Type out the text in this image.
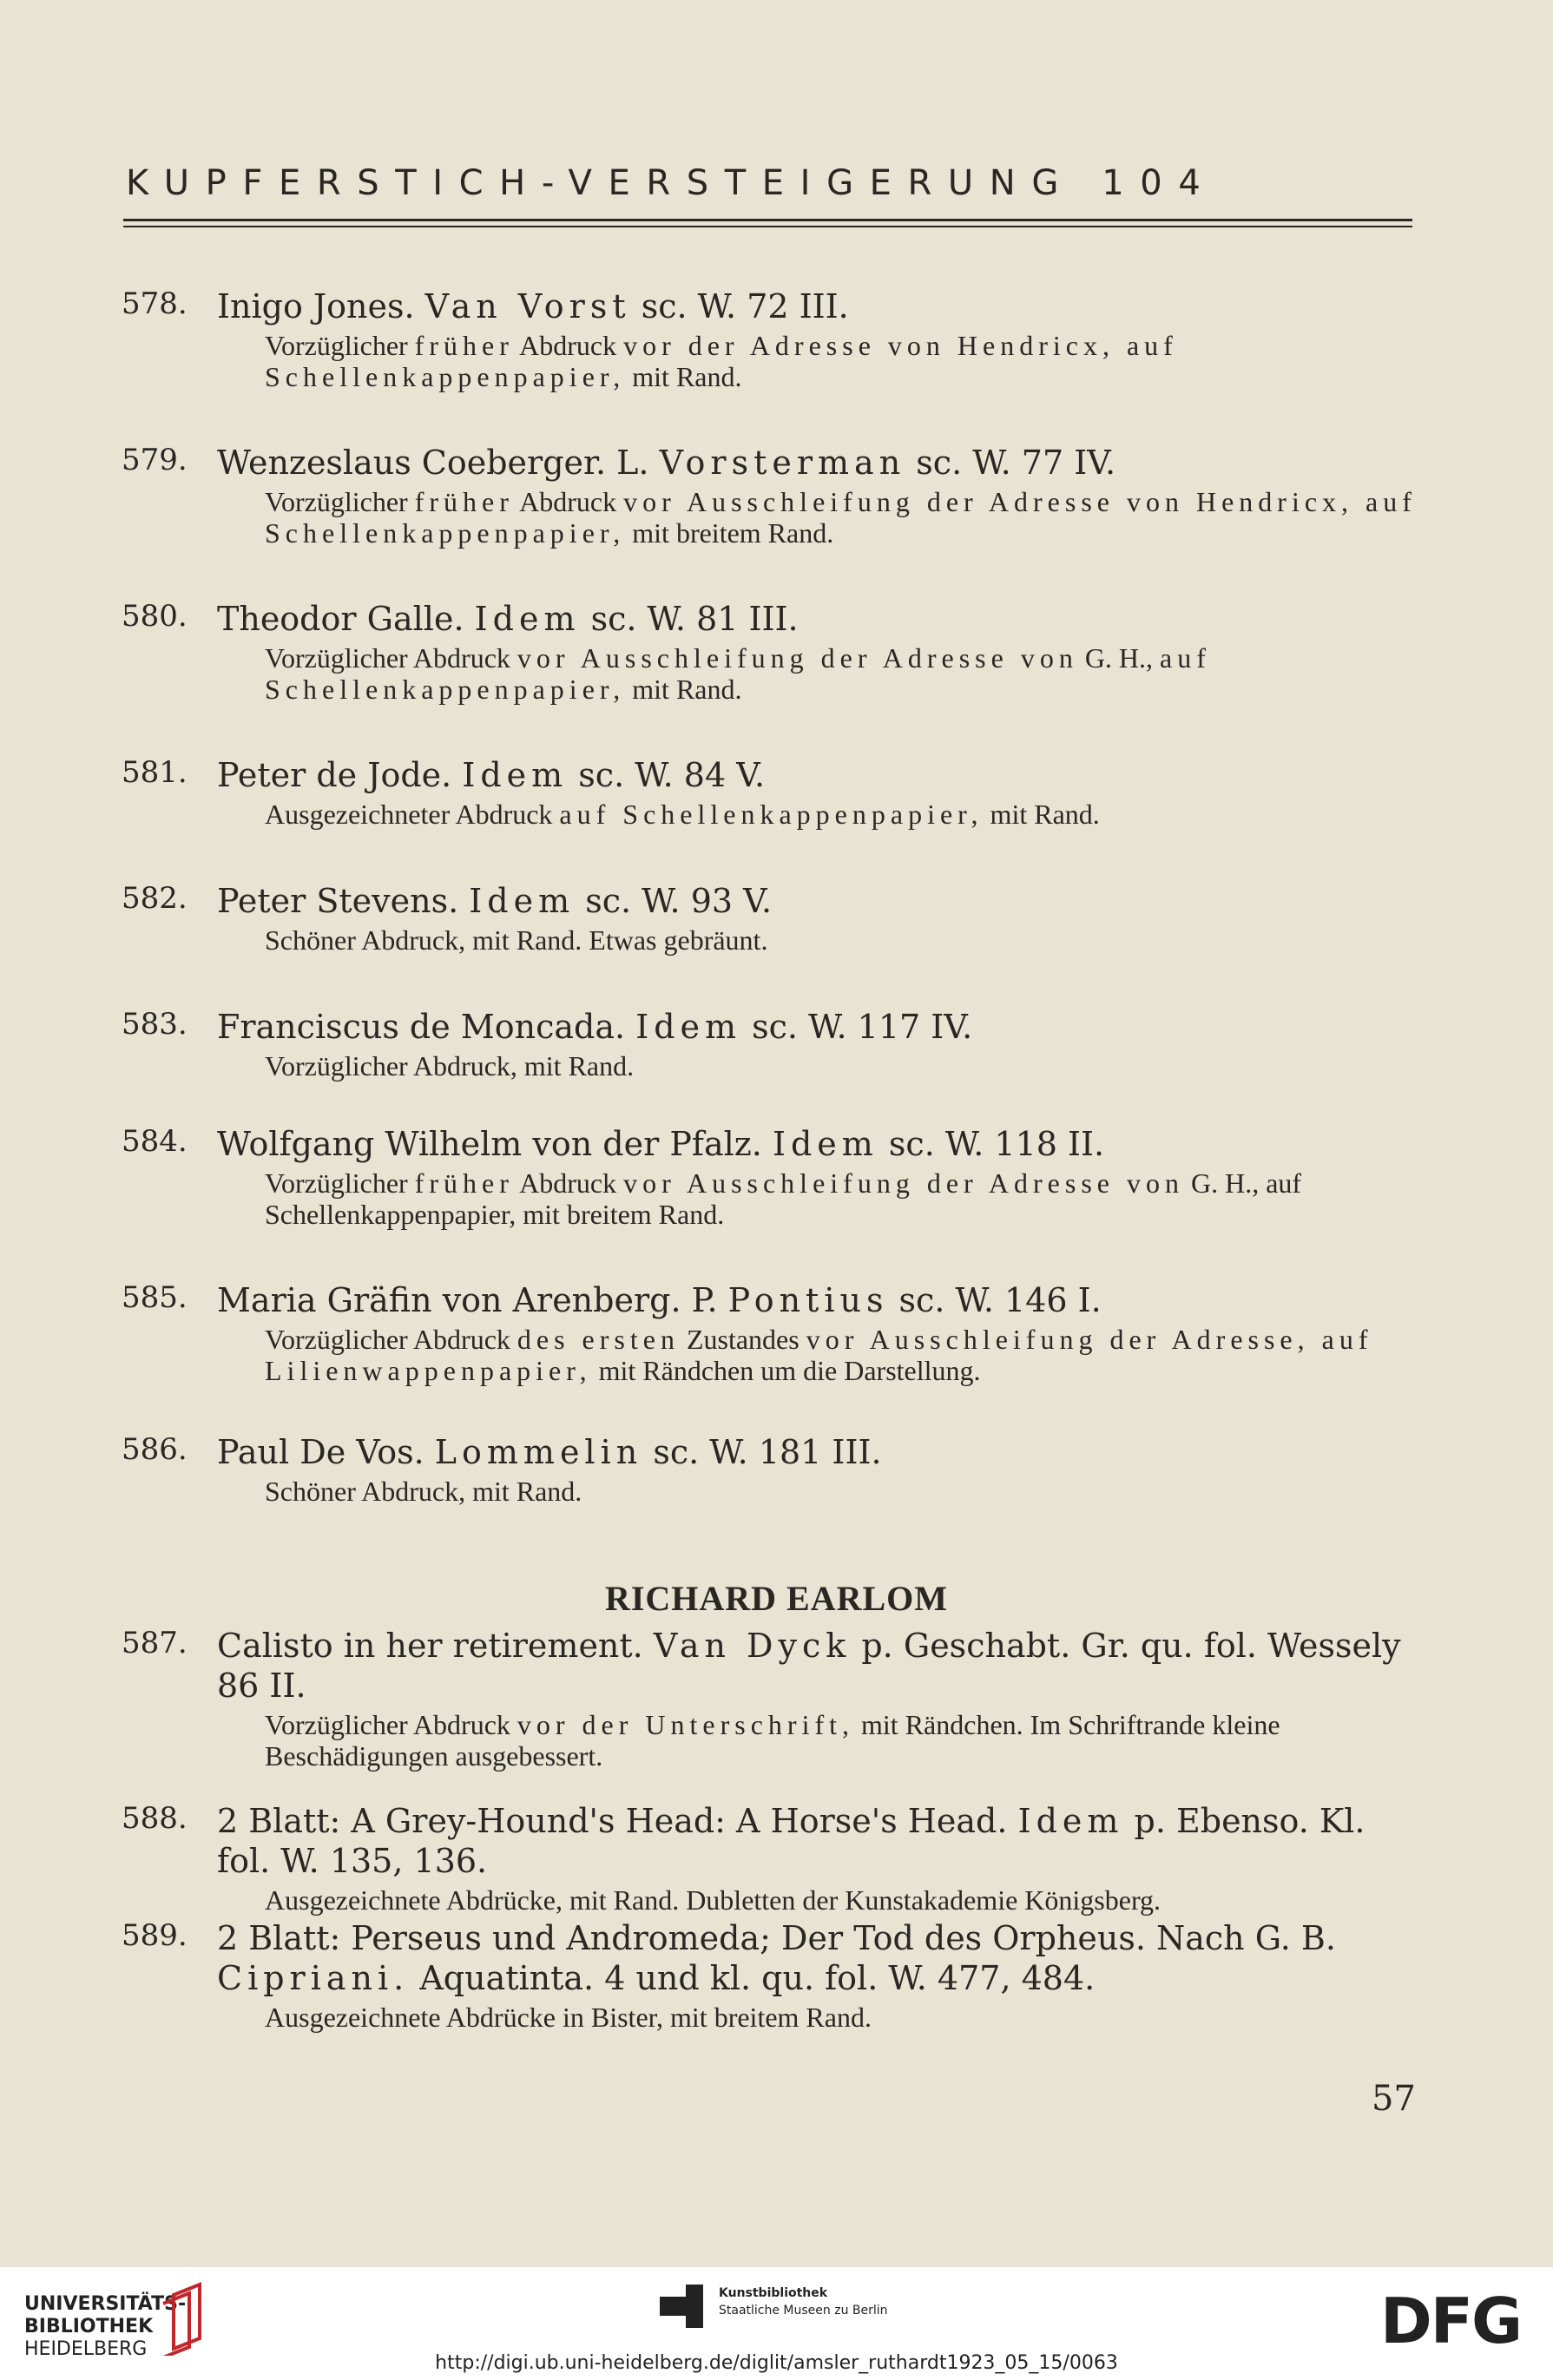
KUPFERSTICH-VERSTEIGERUNG 104
578. Inigo Jones. Van Vorst sc. W. 72 III.
Vorzüglicher früher Abdruck vor der Adresse von Hendricx, auf Schellenkappenpapier, mit Rand.
579. Wenzeslaus Coeberger. L. Vorsterman sc. W. 77 IV.
Vorzüglicher früher Abdruck vor Ausschleifung der Adresse von Hendricx, auf Schellenkappenpapier, mit breitem Rand.
580. Theodor Galle. Idem sc. W. 81 III.
Vorzüglicher Abdruck vor Ausschleifung der Adresse von G. H., auf Schellenkappenpapier, mit Rand.
581. Peter de Jode. Idem sc. W. 84 V.
Ausgezeichneter Abdruck auf Schellenkappenpapier, mit Rand.
582. Peter Stevens. Idem sc. W. 93 V.
Schöner Abdruck, mit Rand. Etwas gebräunt.
583. Franciscus de Moncada. Idem sc. W. 117 IV.
Vorzüglicher Abdruck, mit Rand.
584. Wolfgang Wilhelm von der Pfalz. Idem sc. W. 118 II.
Vorzüglicher früher Abdruck vor Ausschleifung der Adresse von G. H., auf Schellenkappenpapier, mit breitem Rand.
585. Maria Gräfin von Arenberg. P. Pontius sc. W. 146 I.
Vorzüglicher Abdruck des ersten Zustandes vor Ausschleifung der Adresse, auf Lilienwappenpapier, mit Rändchen um die Darstellung.
586. Paul De Vos. Lommelin sc. W. 181 III.
Schöner Abdruck, mit Rand.
RICHARD EARLOM
587. Calisto in her retirement. Van Dyck p. Geschabt. Gr. qu. fol. Wessely 86 II.
Vorzüglicher Abdruck vor der Unterschrift, mit Rändchen. Im Schriftrande kleine Beschädigungen ausgebessert.
588. 2 Blatt: A Grey-Hound's Head: A Horse's Head. Idem p. Ebenso. Kl. fol. W. 135, 136.
Ausgezeichnete Abdrücke, mit Rand. Dubletten der Kunstakademie Königsberg.
589. 2 Blatt: Perseus und Andromeda; Der Tod des Orpheus. Nach G. B. Cipriani. Aquatinta. 4 und kl. qu. fol. W. 477, 484.
Ausgezeichnete Abdrücke in Bister, mit breitem Rand.
57
UNIVERSITÄTS-
BIBLIOTHEK
HEIDELBERG
Kunstbibliothek
Staatliche Museen zu Berlin	DFG
http://digi.ub.uni-heidelberg.de/diglit/amsler_ruthardt1923_05_15/0063
